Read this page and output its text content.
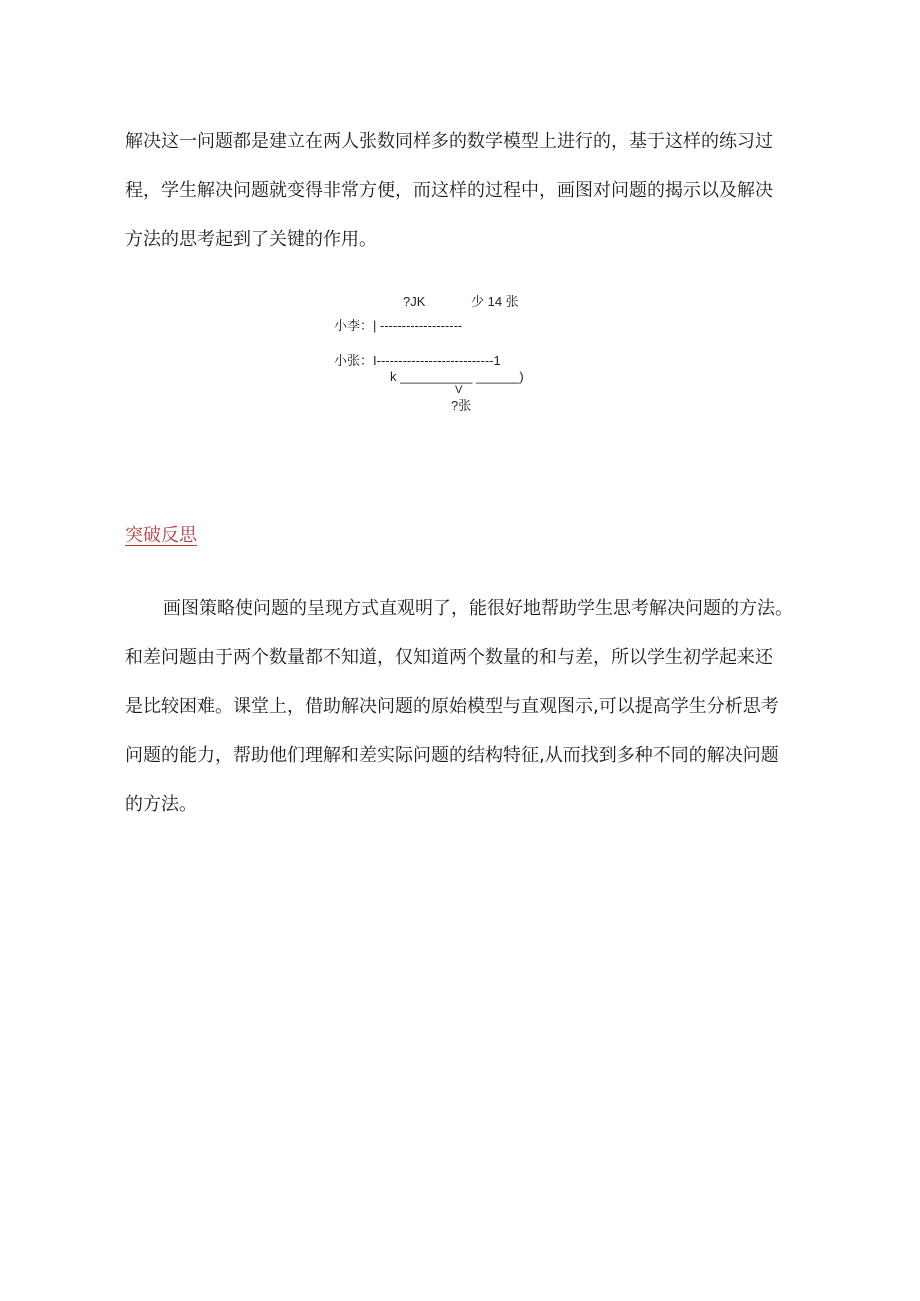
解决这一问题都是建立在两人张数同样多的数学模型上进行的，基于这样的练习过
程，学生解决问题就变得非常方便，而这样的过程中，画图对问题的揭示以及解决
方法的思考起到了关键的作用。
?JK	少 14 张
小李：| -------------------
小张：I---------------------------1
k __________ ______)
V
?张
突破反思
画图策略使问题的呈现方式直观明了，能很好地帮助学生思考解决问题的方法。
和差问题由于两个数量都不知道，仅知道两个数量的和与差，所以学生初学起来还
是比较困难。课堂上，借助解决问题的原始模型与直观图示,可以提高学生分析思考
问题的能力，帮助他们理解和差实际问题的结构特征,从而找到多种不同的解决问题
的方法。
